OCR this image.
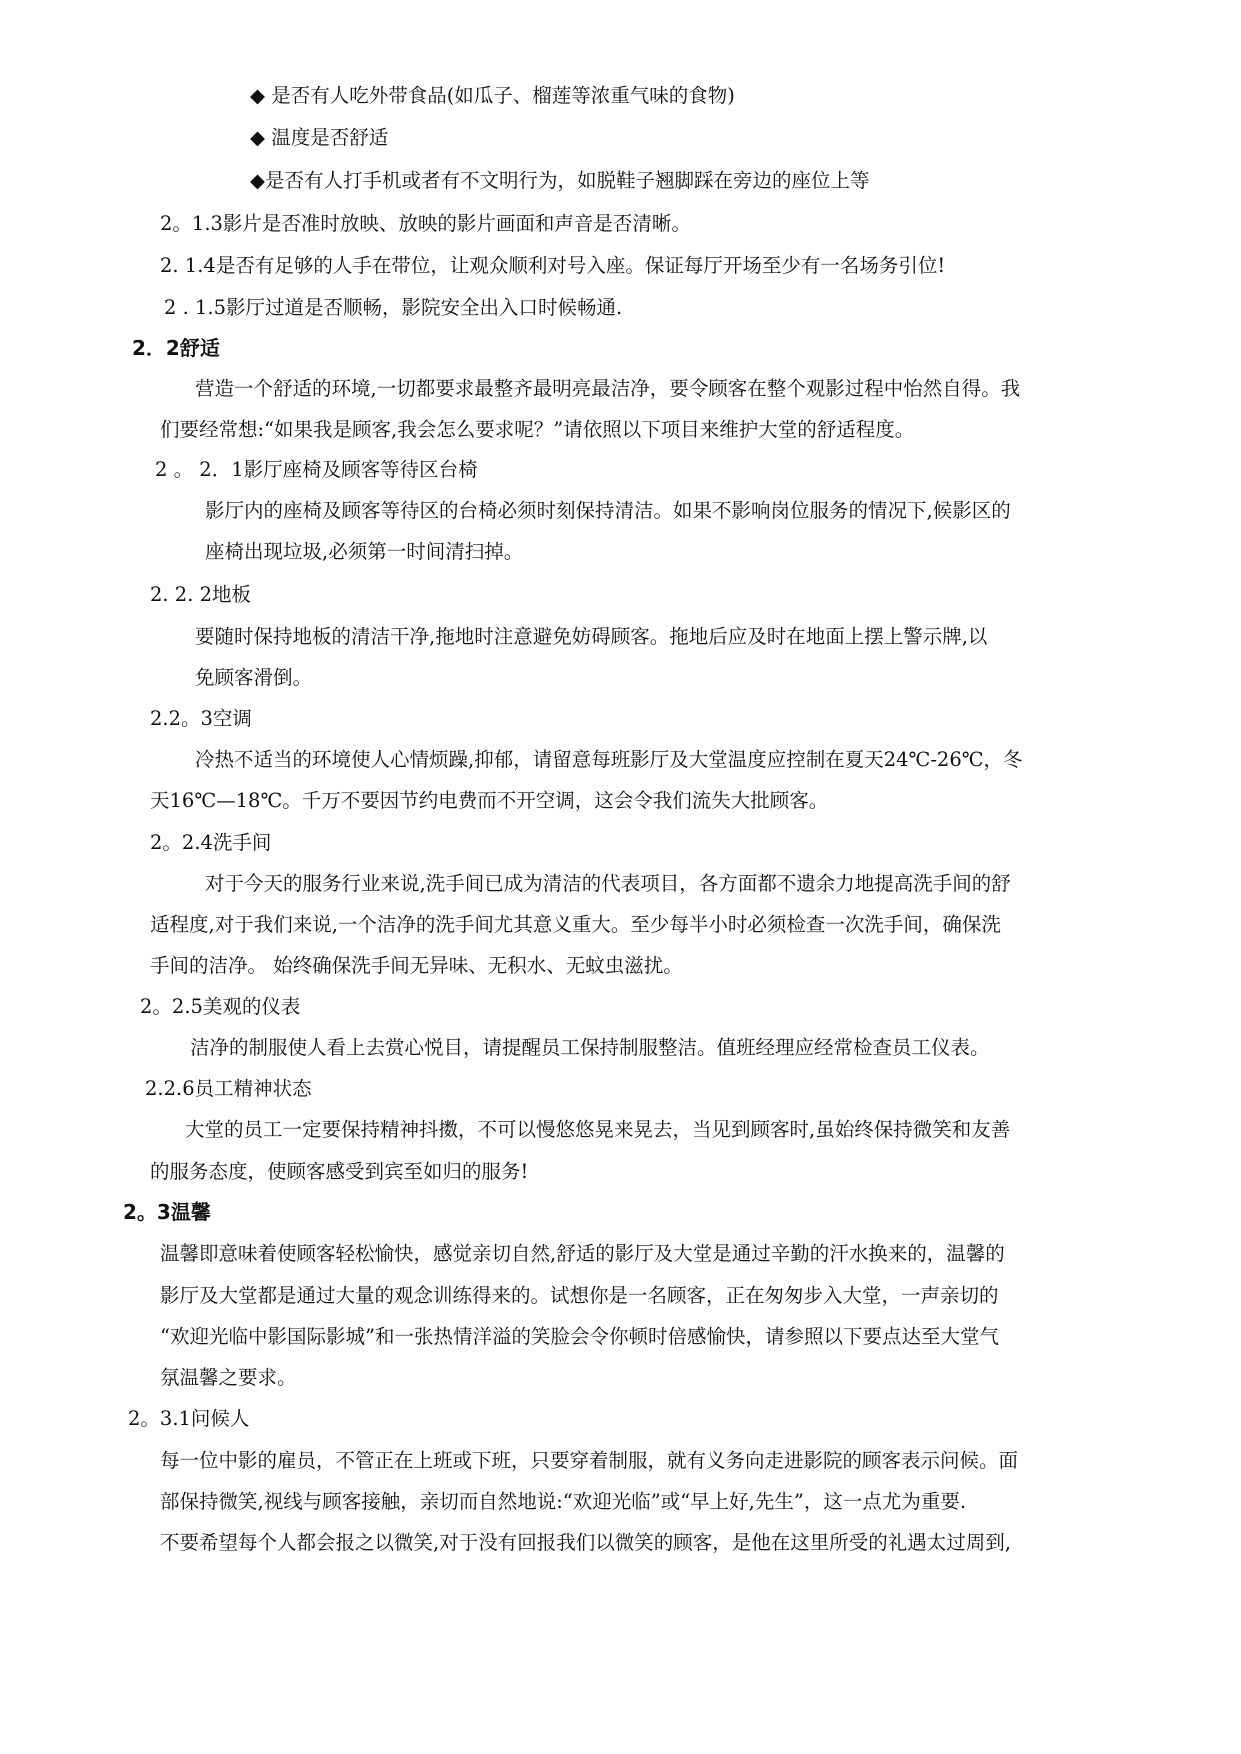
◆ 是否有人吃外带食品(如瓜子、榴莲等浓重气味的食物)
◆ 温度是否舒适
◆是否有人打手机或者有不文明行为，如脱鞋子翘脚踩在旁边的座位上等
2。1.3影片是否准时放映、放映的影片画面和声音是否清晰。
2. 1.4是否有足够的人手在带位，让观众顺利对号入座。保证每厅开场至少有一名场务引位!
2 . 1.5影厅过道是否顺畅，影院安全出入口时候畅通.
2．2舒适
营造一个舒适的环境,一切都要求最整齐最明亮最洁净，要令顾客在整个观影过程中怡然自得。我
们要经常想:“如果我是顾客,我会怎么要求呢？”请依照以下项目来维护大堂的舒适程度。
2 。 2．1影厅座椅及顾客等待区台椅
影厅内的座椅及顾客等待区的台椅必须时刻保持清洁。如果不影响岗位服务的情况下,候影区的
座椅出现垃圾,必须第一时间清扫掉。
2. 2. 2地板
要随时保持地板的清洁干净,拖地时注意避免妨碍顾客。拖地后应及时在地面上摆上警示牌,以
免顾客滑倒。
2.2。3空调
冷热不适当的环境使人心情烦躁,抑郁，请留意每班影厅及大堂温度应控制在夏天24℃-26℃，冬
天16℃—18℃。千万不要因节约电费而不开空调，这会令我们流失大批顾客。
2。2.4洗手间
对于今天的服务行业来说,洗手间已成为清洁的代表项目，各方面都不遗余力地提高洗手间的舒
适程度,对于我们来说,一个洁净的洗手间尤其意义重大。至少每半小时必须检查一次洗手间，确保洗
手间的洁净。 始终确保洗手间无异味、无积水、无蚊虫滋扰。
2。2.5美观的仪表
洁净的制服使人看上去赏心悦目，请提醒员工保持制服整洁。值班经理应经常检查员工仪表。
2.2.6员工精神状态
大堂的员工一定要保持精神抖擞，不可以慢悠悠晃来晃去，当见到顾客时,虽始终保持微笑和友善
的服务态度，使顾客感受到宾至如归的服务!
2。3温馨
温馨即意味着使顾客轻松愉快，感觉亲切自然,舒适的影厅及大堂是通过辛勤的汗水换来的，温馨的
影厅及大堂都是通过大量的观念训练得来的。试想你是一名顾客，正在匆匆步入大堂，一声亲切的
“欢迎光临中影国际影城”和一张热情洋溢的笑脸会令你顿时倍感愉快，请参照以下要点达至大堂气
氛温馨之要求。
2。3.1问候人
每一位中影的雇员，不管正在上班或下班，只要穿着制服，就有义务向走进影院的顾客表示问候。面
部保持微笑,视线与顾客接触，亲切而自然地说:“欢迎光临”或“早上好,先生”，这一点尤为重要.
不要希望每个人都会报之以微笑,对于没有回报我们以微笑的顾客，是他在这里所受的礼遇太过周到,
